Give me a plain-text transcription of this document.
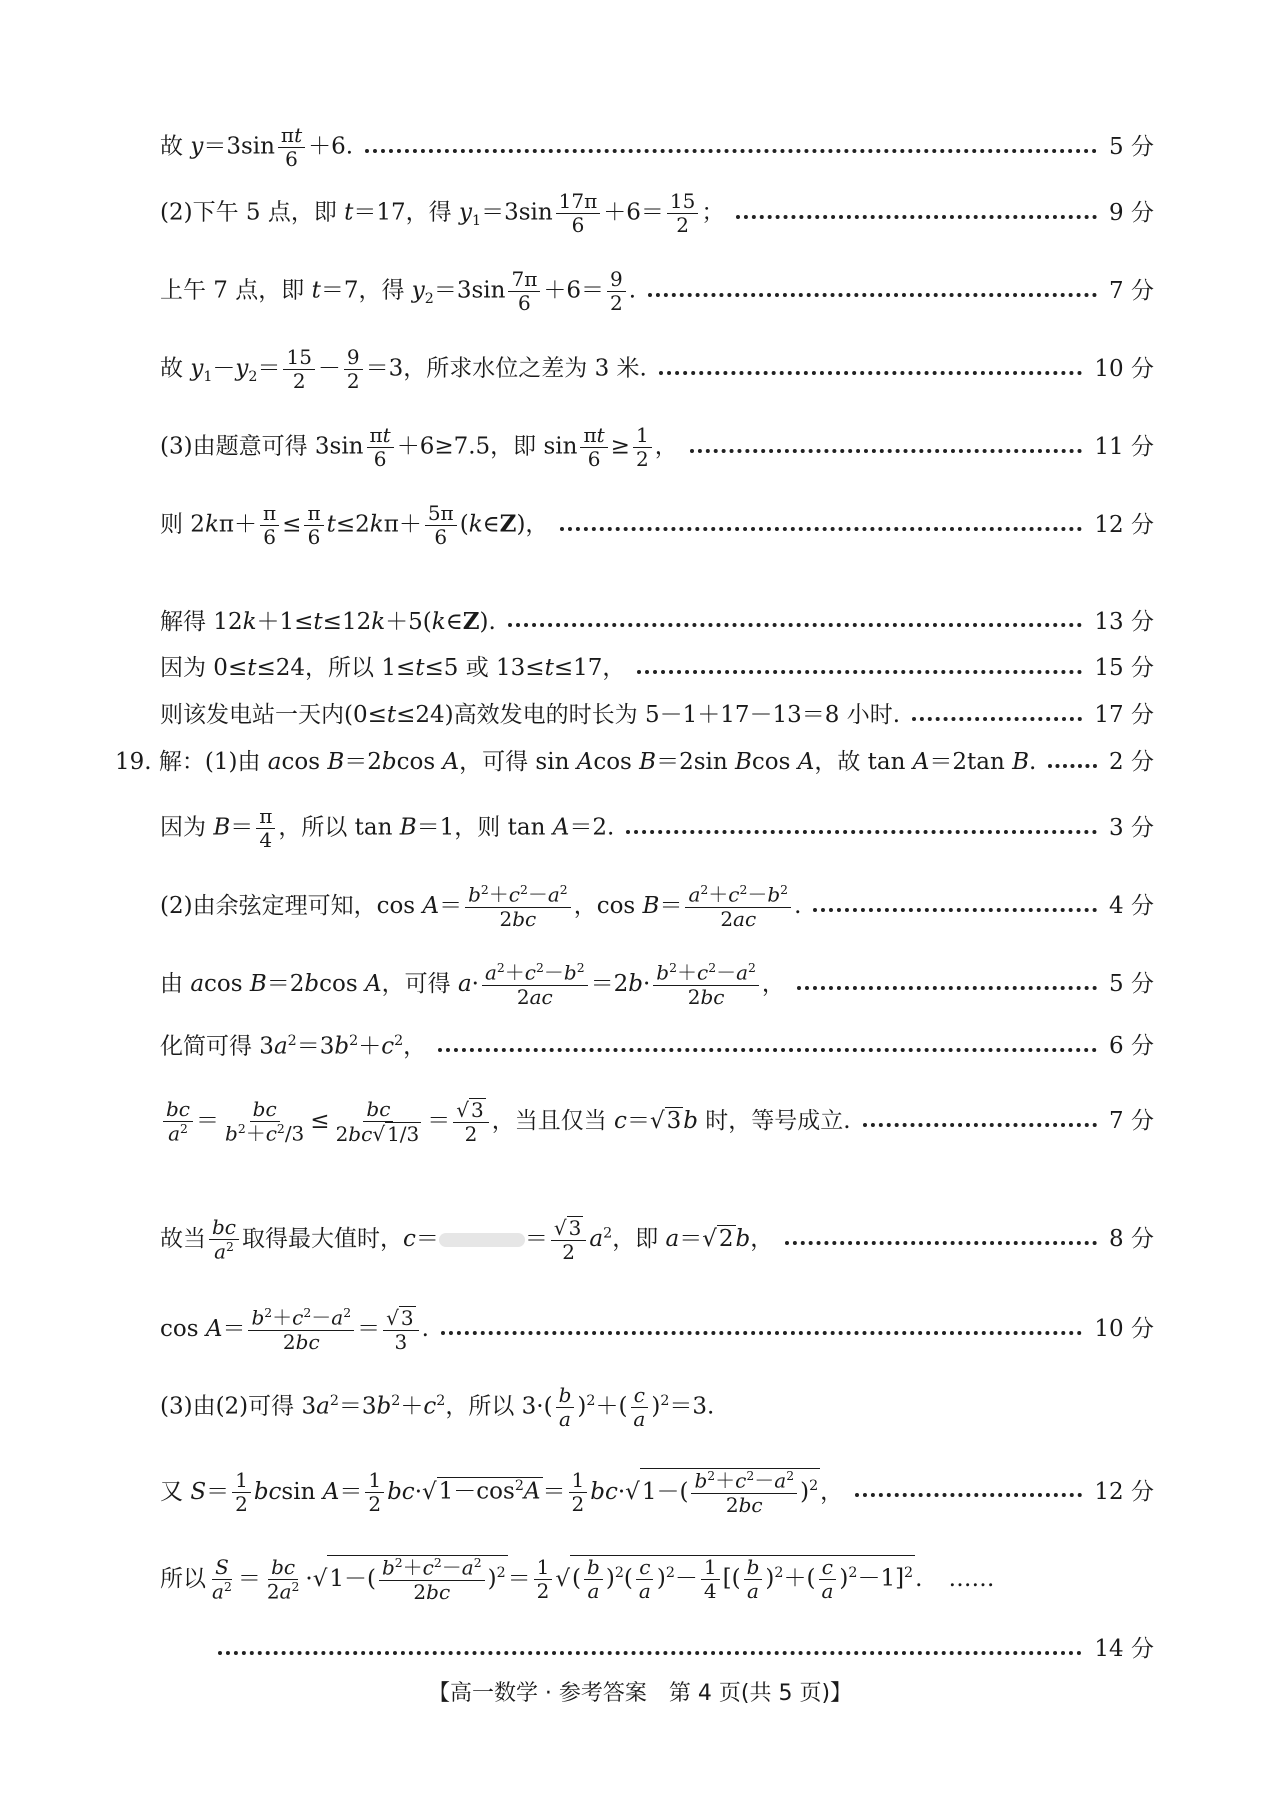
故 $y=3\sin \frac{\pi t}{6} +6$.	5 分
(2)下午 5 点，即 t＝17，得 $y_1=3\sin \frac{17\pi}{6} +6= \frac{15}{2}$ ；	9 分
上午 7 点，即 t＝7，得 $y_2=3\sin \frac{7\pi}{6} +6= \frac{9}{2}$ .	7 分
故 $y_1-y_2= \frac{15}{2} - \frac{9}{2} =3$，所求水位之差为 3 米.	10 分
(3)由题意可得 $3\sin \frac{\pi t}{6} +6\ge 7.5$，即 $\sin \frac{\pi t}{6} \ge \frac{1}{2}$ ，	11 分
则 $2k\pi+ \frac{\pi}{6} \le \frac{\pi}{6} t\le 2k\pi+ \frac{5\pi}{6}$ (k∈Z)，	12 分
解得 12k＋1≤t≤12k＋5(k∈Z).	13 分
因为 0≤t≤24，所以 1≤t≤5 或 13≤t≤17，	15 分
则该发电站一天内(0≤t≤24)高效发电的时长为 5－1＋17－13＝8 小时.	17 分
19. 解：(1)由 acos B＝2bcos A，可得 sin Acos B＝2sin Bcos A，故 tan A＝2tan B.	2 分
因为 $B= \frac{\pi}{4}$ ，所以 tan B＝1，则 tan A＝2.	3 分
(2)由余弦定理可知，$\cos A= \frac{b^2+c^2-a^2}{2bc}$ ，$\cos B= \frac{a^2+c^2-b^2}{2ac}$ .	4 分
由 acos B＝2bcos A，可得 $a\cdot \frac{a^2+c^2-b^2}{2ac} =2b\cdot \frac{b^2+c^2-a^2}{2bc}$ ，	5 分
化简可得 $3a^2=3b^2+c^2$，	6 分
$\frac{bc}{a^2} = \frac{bc}{b^2+c^2/3} \le \frac{bc}{2bc√ 1/3} = \frac{√ 3}{2}$ ，当且仅当 c＝√3b 时，等号成立.	7 分
故当 $\frac{bc}{a^2}$ 取得最大值时，c＝	＝ $\frac{√ 3}{2} a^2$，即 a＝√2b，	8 分
$\cos A= \frac{b^2+c^2-a^2}{2bc} = \frac{√ 3}{3}$ .	10 分
(3)由(2)可得 $3a^2=3b^2+c^2$，所以 $3\cdot( \frac{b}{a} )^2+( \frac{c}{a} )^2=3$.
又 $S= \frac{1}{2}$ bcsin $A= \frac{1}{2} bc\cdot√1-\cos^2A= \frac{1}{2} bc\cdot√1-( \frac{b^2+c^2-a^2}{2bc} )^2$，	12 分
所以 $\frac{S}{a^2} = \frac{bc}{2a^2} \cdot√1-( \frac{b^2+c^2-a^2}{2bc} )^2= \frac{1}{2}$ √( $\frac{b}{a} )^2( \frac{c}{a} )^2- \frac{1}{4}$ [( $\frac{b}{a} )^2+( \frac{c}{a} )^2-1]^2$. ……
14 分
【高一数学 · 参考答案　第 4 页(共 5 页)】
